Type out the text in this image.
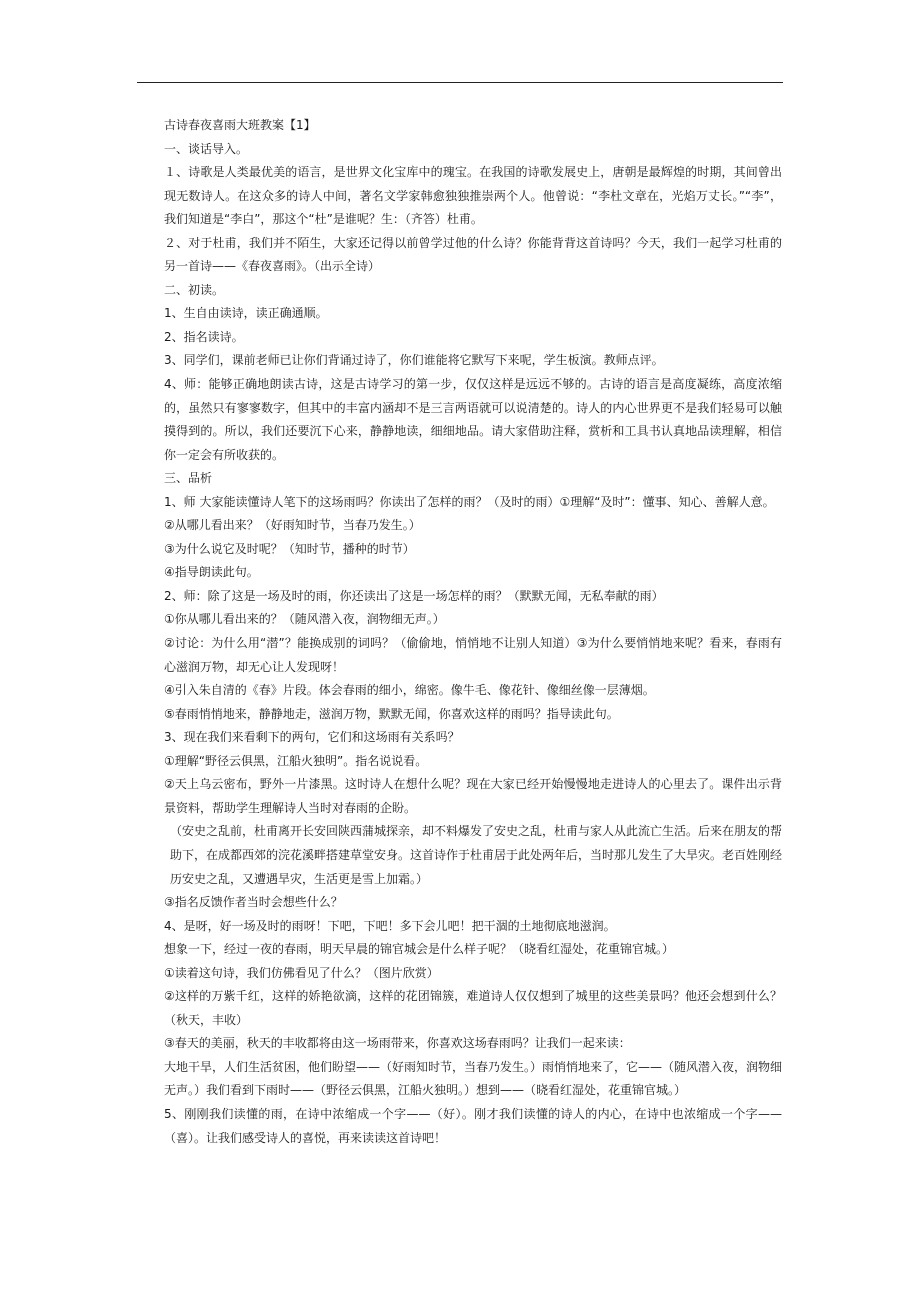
古诗春夜喜雨大班教案【1】

一、谈话导入。

１、诗歌是人类最优美的语言，是世界文化宝库中的瑰宝。在我国的诗歌发展史上，唐朝是最辉煌的时期，其间曾出现无数诗人。在这众多的诗人中间，著名文学家韩愈独独推崇两个人。他曾说：“李杜文章在，光焰万丈长。”“李”，我们知道是“李白”，那这个“杜”是谁呢？生：（齐答）杜甫。

２、对于杜甫，我们并不陌生，大家还记得以前曾学过他的什么诗？你能背背这首诗吗？今天，我们一起学习杜甫的另一首诗——《春夜喜雨》。（出示全诗）

二、初读。

1、生自由读诗，读正确通顺。

2、指名读诗。

3、同学们，课前老师已让你们背诵过诗了，你们谁能将它默写下来呢，学生板演。教师点评。

4、师：能够正确地朗读古诗，这是古诗学习的第一步，仅仅这样是远远不够的。古诗的语言是高度凝练，高度浓缩的，虽然只有寥寥数字，但其中的丰富内涵却不是三言两语就可以说清楚的。诗人的内心世界更不是我们轻易可以触摸得到的。所以，我们还要沉下心来，静静地读，细细地品。请大家借助注释，赏析和工具书认真地品读理解，相信你一定会有所收获的。

三、品析

1、师 大家能读懂诗人笔下的这场雨吗？你读出了怎样的雨？（及时的雨）①理解“及时”：懂事、知心、善解人意。

②从哪儿看出来？（好雨知时节，当春乃发生。）

③为什么说它及时呢？（知时节，播种的时节）

④指导朗读此句。

2、师：除了这是一场及时的雨，你还读出了这是一场怎样的雨？（默默无闻，无私奉献的雨）

①你从哪儿看出来的？（随风潜入夜，润物细无声。）

②讨论：为什么用“潜”？能换成别的词吗？（偷偷地，悄悄地不让别人知道）③为什么要悄悄地来呢？看来，春雨有心滋润万物，却无心让人发现呀！

④引入朱自清的《春》片段。体会春雨的细小，绵密。像牛毛、像花针、像细丝像一层薄烟。

⑤春雨悄悄地来，静静地走，滋润万物，默默无闻，你喜欢这样的雨吗？指导读此句。

3、现在我们来看剩下的两句，它们和这场雨有关系吗？

①理解“野径云俱黑，江船火独明”。指名说说看。

②天上乌云密布，野外一片漆黑。这时诗人在想什么呢？现在大家已经开始慢慢地走进诗人的心里去了。课件出示背景资料，帮助学生理解诗人当时对春雨的企盼。

（安史之乱前，杜甫离开长安回陕西蒲城探亲，却不料爆发了安史之乱，杜甫与家人从此流亡生活。后来在朋友的帮助下，在成都西郊的浣花溪畔搭建草堂安身。这首诗作于杜甫居于此处两年后，当时那儿发生了大旱灾。老百姓刚经历安史之乱，又遭遇旱灾，生活更是雪上加霜。）

③指名反馈作者当时会想些什么？

4、是呀，好一场及时的雨呀！下吧，下吧！多下会儿吧！把干涸的土地彻底地滋润。

想象一下，经过一夜的春雨，明天早晨的锦官城会是什么样子呢？（晓看红湿处，花重锦官城。）

①读着这句诗，我们仿佛看见了什么？（图片欣赏）

②这样的万紫千红，这样的娇艳欲滴，这样的花团锦簇，难道诗人仅仅想到了城里的这些美景吗？他还会想到什么？（秋天，丰收）

③春天的美丽，秋天的丰收都将由这一场雨带来，你喜欢这场春雨吗？让我们一起来读：

大地干旱，人们生活贫困，他们盼望——（好雨知时节，当春乃发生。）雨悄悄地来了，它——（随风潜入夜，润物细无声。）我们看到下雨时——（野径云俱黑，江船火独明。）想到——（晓看红湿处，花重锦官城。）

5、刚刚我们读懂的雨，在诗中浓缩成一个字——（好）。刚才我们读懂的诗人的内心，在诗中也浓缩成一个字——（喜）。让我们感受诗人的喜悦，再来读读这首诗吧！
